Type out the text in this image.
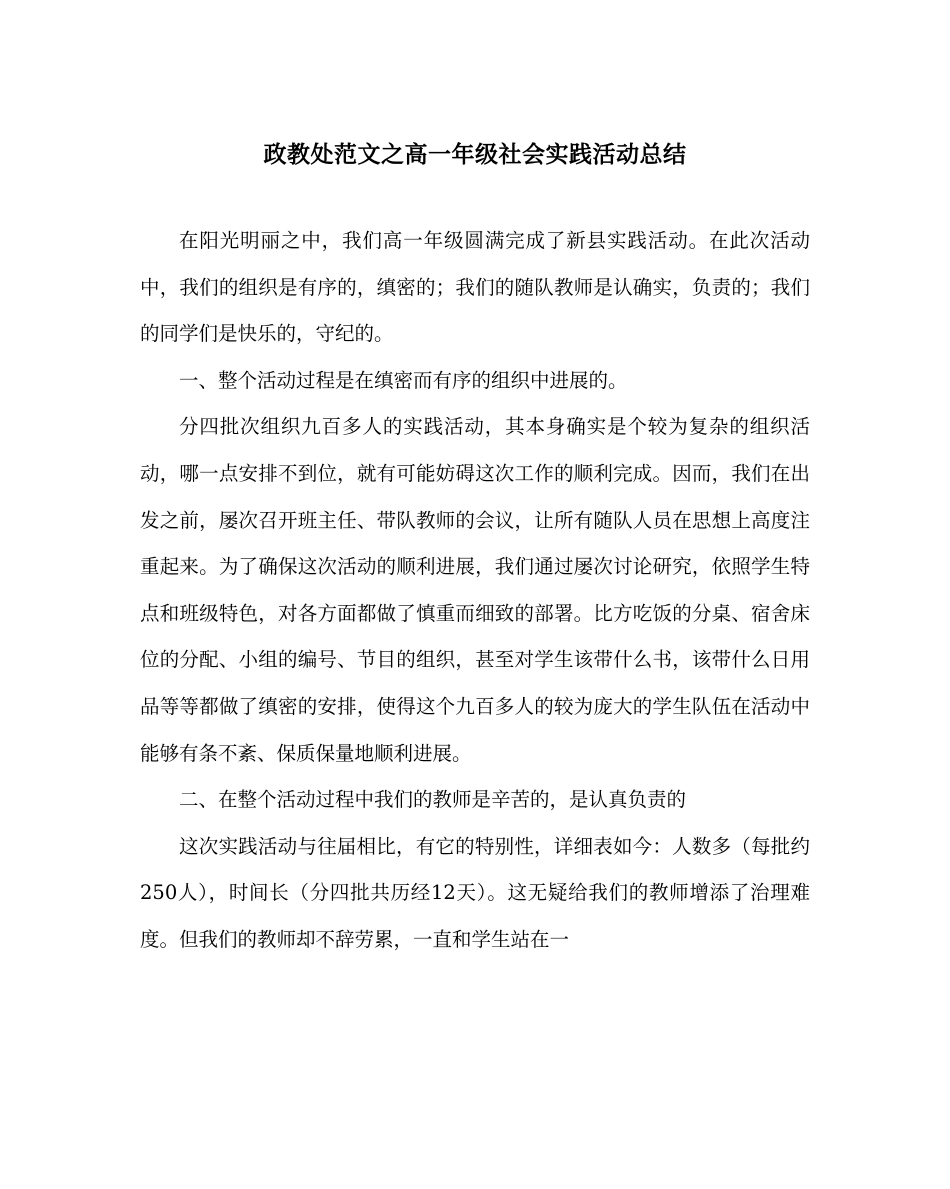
政教处范文之高一年级社会实践活动总结

在阳光明丽之中，我们高一年级圆满完成了新县实践活动。在此次活动中，我们的组织是有序的，缜密的；我们的随队教师是认确实，负责的；我们的同学们是快乐的，守纪的。

一、整个活动过程是在缜密而有序的组织中进展的。

分四批次组织九百多人的实践活动，其本身确实是个较为复杂的组织活动，哪一点安排不到位，就有可能妨碍这次工作的顺利完成。因而，我们在出发之前，屡次召开班主任、带队教师的会议，让所有随队人员在思想上高度注重起来。为了确保这次活动的顺利进展，我们通过屡次讨论研究，依照学生特点和班级特色，对各方面都做了慎重而细致的部署。比方吃饭的分桌、宿舍床位的分配、小组的编号、节目的组织，甚至对学生该带什么书，该带什么日用品等等都做了缜密的安排，使得这个九百多人的较为庞大的学生队伍在活动中能够有条不紊、保质保量地顺利进展。

二、在整个活动过程中我们的教师是辛苦的，是认真负责的

这次实践活动与往届相比，有它的特别性，详细表如今：人数多（每批约250人），时间长（分四批共历经12天）。这无疑给我们的教师增添了治理难度。但我们的教师却不辞劳累，一直和学生站在一
